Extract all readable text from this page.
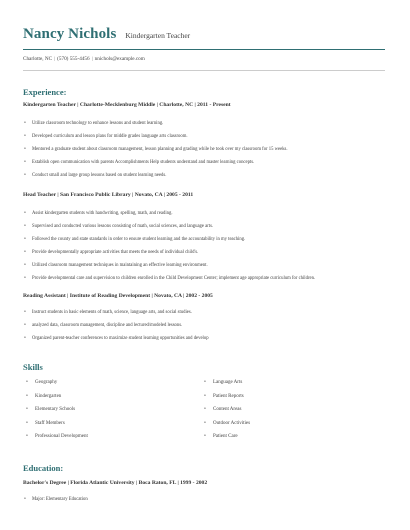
Nancy Nichols Kindergarten Teacher
Charlotte, NC | (570) 555-4456 | nnichols@example.com
Experience:
Kindergarten Teacher | Charlotte-Mecklenburg Middle | Charlotte, NC | 2011 - Present
• Utilize classroom technology to enhance lessons and student learning.
• Developed curriculum and lesson plans for middle grades language arts classroom.
• Mentored a graduate student about classroom management, lesson planning and grading while he took over my classroom for 15 weeks.
• Establish open communication with parents Accomplishments Help students understand and master learning concepts.
• Conduct small and large group lessons based on student learning needs.
Head Teacher | San Francisco Public Library | Novato, CA | 2005 - 2011
• Assist kindergarten students with handwriting, spelling, math, and reading.
• Supervised and conducted various lessons consisting of math, social sciences, and language arts.
• Followed the county and state standards in order to ensure student learning and the accountability in my teaching.
• Provide developmentally appropriate activities that meets the needs of individual child's.
• Utilized classroom management techniques in maintaining an effective learning environment.
• Provide developmental care and supervision to children enrolled in the Child Development Center; implement age appropriate curriculum for children.
Reading Assistant | Institute of Reading Development | Novato, CA | 2002 - 2005
• Instruct students in basic elements of math, science, language arts, and social studies.
• analyzed data, classroom management, discipline and lectured/modeled lessons.
• Organized parent-teacher conferences to maximize student learning opportunities and develop
Skills
• Geography
• Kindergarten
• Elementary Schools
• Staff Members
• Professional Development
• Language Arts
• Patient Reports
• Content Areas
• Outdoor Activities
• Patient Care
Education:
Bachelor's Degree | Florida Atlantic University | Boca Raton, FL | 1999 - 2002
• Major: Elementary Education
